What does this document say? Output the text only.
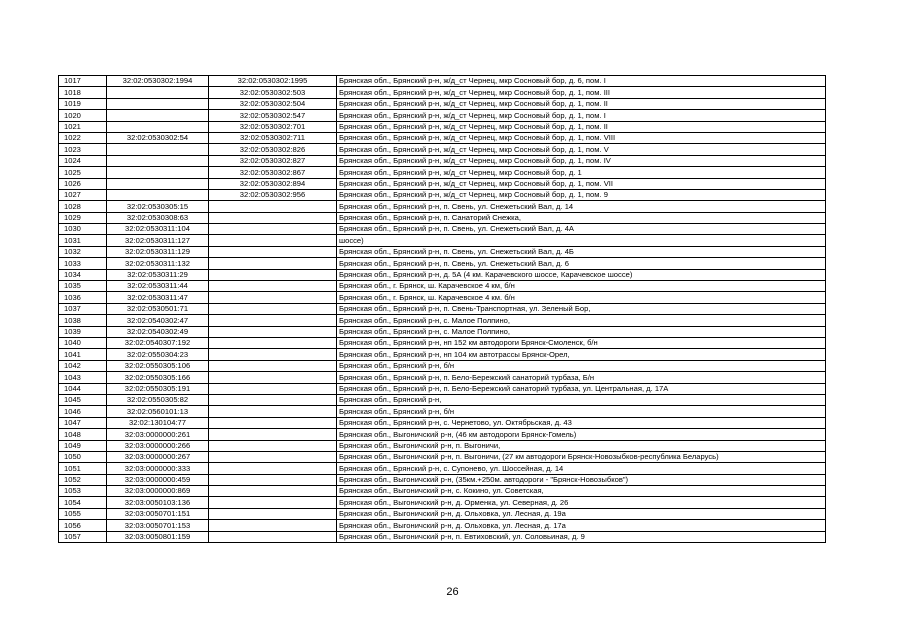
1017	32:02:0530302:1994	32:02:0530302:1995	Брянская обл., Брянский р-н, ж/д_ст Чернец, мкр Сосновый бор, д. 6, пом. I
1018		32:02:0530302:503	Брянская обл., Брянский р-н, ж/д_ст Чернец, мкр Сосновый бор, д. 1, пом. III
1019		32:02:0530302:504	Брянская обл., Брянский р-н, ж/д_ст Чернец, мкр Сосновый бор, д. 1, пом. II
1020		32:02:0530302:547	Брянская обл., Брянский р-н, ж/д_ст Чернец, мкр Сосновый бор, д. 1, пом. I
1021		32:02:0530302:701	Брянская обл., Брянский р-н, ж/д_ст Чернец, мкр Сосновый бор, д. 1, пом. II
1022	32:02:0530302:54	32:02:0530302:711	Брянская обл., Брянский р-н, ж/д_ст Чернец, мкр Сосновый бор, д. 1, пом. VIII
1023		32:02:0530302:826	Брянская обл., Брянский р-н, ж/д_ст Чернец, мкр Сосновый бор, д. 1, пом. V
1024		32:02:0530302:827	Брянская обл., Брянский р-н, ж/д_ст Чернец, мкр Сосновый бор, д. 1, пом. IV
1025		32:02:0530302:867	Брянская обл., Брянский р-н, ж/д_ст Чернец, мкр Сосновый бор, д. 1
1026		32:02:0530302:894	Брянская обл., Брянский р-н, ж/д_ст Чернец, мкр Сосновый бор, д. 1, пом. VII
1027		32:02:0530302:956	Брянская обл., Брянский р-н, ж/д_ст Чернец, мкр Сосновый бор, д. 1, пом. 9
1028	32:02:0530305:15		Брянская обл., Брянский р-н, п. Свень, ул. Снежетьский Вал, д. 14
1029	32:02:0530308:63		Брянская обл., Брянский р-н, п. Санаторий Снежка,
1030	32:02:0530311:104		Брянская обл., Брянский р-н, п. Свень, ул. Снежетьский Вал, д. 4А
1031	32:02:0530311:127		шоссе)
1032	32:02:0530311:129		Брянская обл., Брянский р-н, п. Свень, ул. Снежетьский Вал, д. 4Б
1033	32:02:0530311:132		Брянская обл., Брянский р-н, п. Свень, ул. Снежетьский Вал, д. 6
1034	32:02:0530311:29		Брянская обл., Брянский р-н, д. 5А (4 км. Карачевского шоссе, Карачевское шоссе)
1035	32:02:0530311:44		Брянская обл., г. Брянск, ш. Карачевское 4 км, б/н
1036	32:02:0530311:47		Брянская обл., г. Брянск, ш. Карачевское 4 км. б/н
1037	32:02:0530501:71		Брянская обл., Брянский р-н, п. Свень-Транспортная, ул. Зеленый Бор,
1038	32:02:0540302:47		Брянская обл., Брянский р-н, с. Малое Полпино,
1039	32:02:0540302:49		Брянская обл., Брянский р-н, с. Малое Полпино,
1040	32:02:0540307:192		Брянская обл., Брянский р-н, нп 152 км автодороги Брянск-Смоленск, б/н
1041	32:02:0550304:23		Брянская обл., Брянский р-н, нп 104 км автотрассы Брянск-Орел,
1042	32:02:0550305:106		Брянская обл., Брянский р-н, б/н
1043	32:02:0550305:166		Брянская обл., Брянский р-н, п. Бело-Бережский санаторий турбаза, Б/н
1044	32:02:0550305:191		Брянская обл., Брянский р-н, п. Бело-Бережский санаторий турбаза, ул. Центральная, д. 17А
1045	32:02:0550305:82		Брянская обл., Брянский р-н,
1046	32:02:0560101:13		Брянская обл., Брянский р-н, б/н
1047	32:02:130104:77		Брянская обл., Брянский р-н, с. Чернетово, ул. Октябрьская, д. 43
1048	32:03:0000000:261		Брянская обл., Выгоничский р-н, (46 км автодороги Брянск-Гомель)
1049	32:03:0000000:266		Брянская обл., Выгоничский р-н, п. Выгоничи,
1050	32:03:0000000:267		Брянская обл., Выгоничский р-н, п. Выгоничи, (27 км автодороги Брянск-Новозыбков-республика Беларусь)
1051	32:03:0000000:333		Брянская обл., Брянский р-н, с. Супонево, ул. Шоссейная, д. 14
1052	32:03:0000000:459		Брянская обл., Выгоничский р-н, (35км.+250м. автодороги - "Брянск-Новозыбков")
1053	32:03:0000000:869		Брянская обл., Выгоничский р-н, с. Кокино, ул. Советская,
1054	32:03:0050103:136		Брянская обл., Выгоничский р-н, д. Орменка, ул. Северная, д. 26
1055	32:03:0050701:151		Брянская обл., Выгоничский р-н, д. Ольховка, ул. Лесная, д. 19а
1056	32:03:0050701:153		Брянская обл., Выгоничский р-н, д. Ольховка, ул. Лесная, д. 17а
1057	32:03:0050801:159		Брянская обл., Выгоничский р-н, п. Евтиховский, ул. Соловьиная, д. 9
26
